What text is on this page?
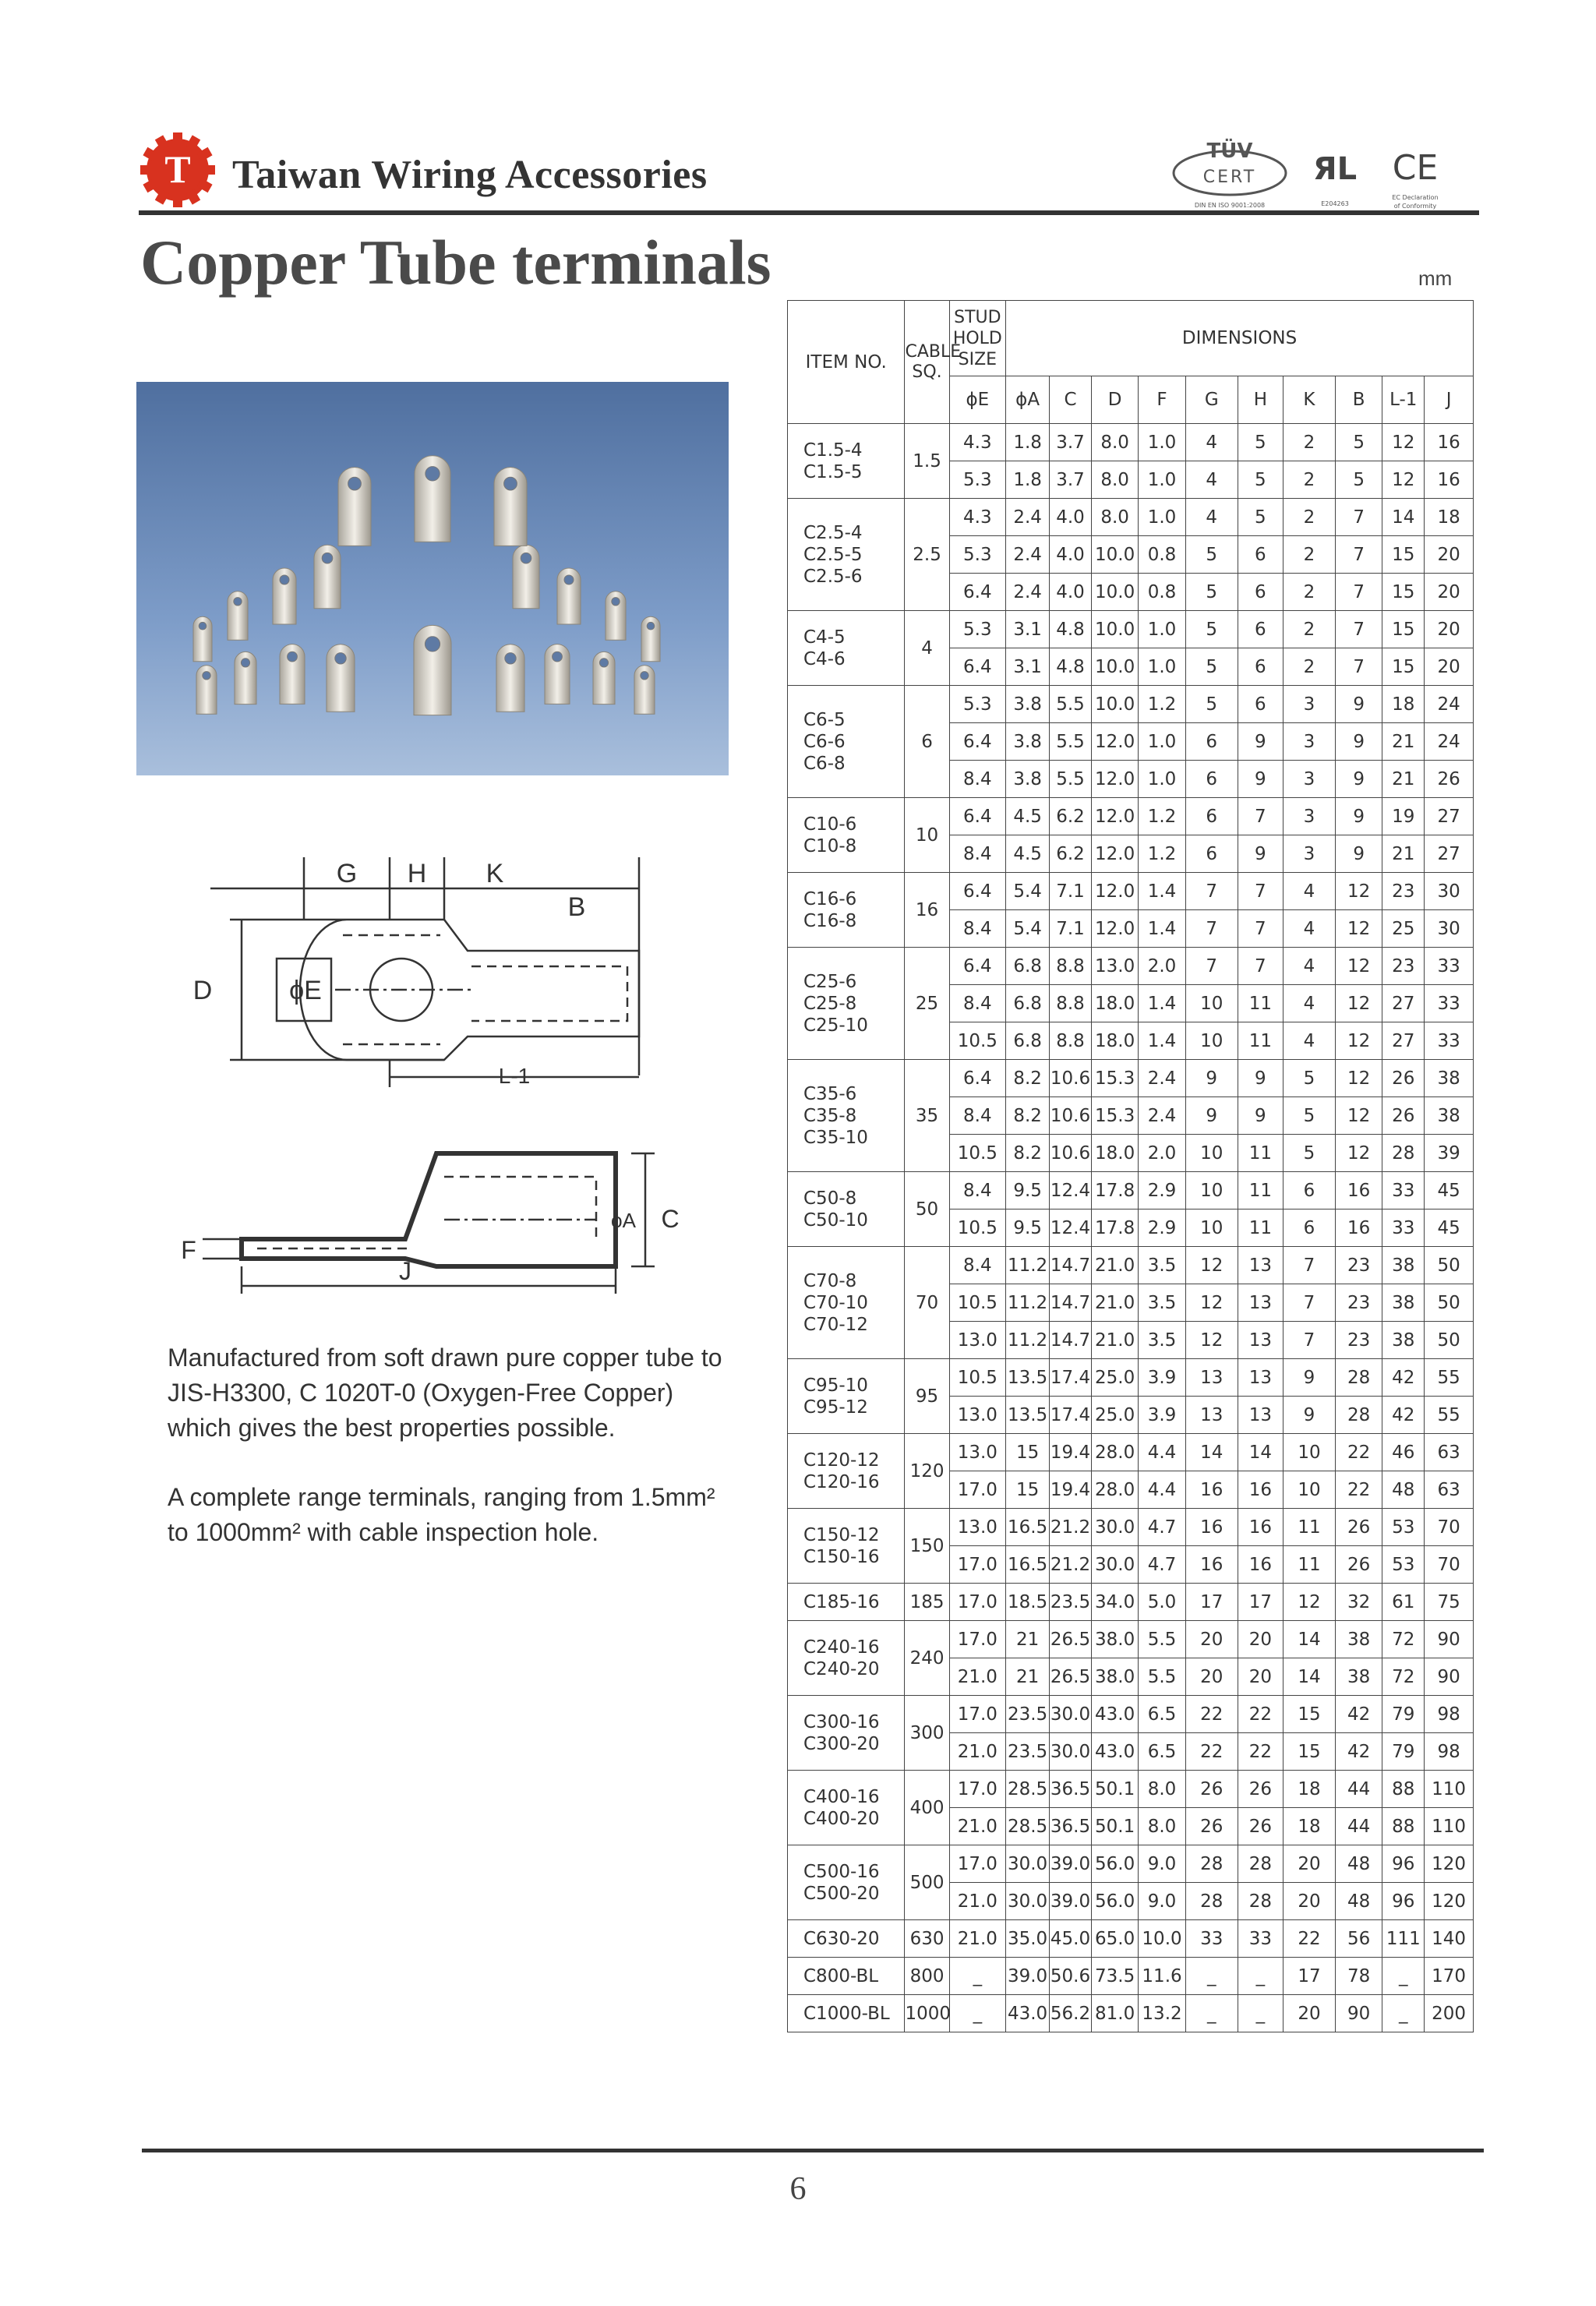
T Taiwan Wiring Accessories
TÜV
CERT
DIN EN ISO 9001:2008
ЯL
E204263
CE
EC Declaration
of Conformity
Copper Tube terminals	mm
G H K
B
D	ϕE
L-1
ϕA C
F
J

Manufactured from soft drawn pure copper tube to JIS-H3300, C 1020T-0 (Oxygen-Free Copper) which gives the best properties possible.

A complete range terminals, ranging from 1.5mm² to 1000mm² with cable inspection hole.

ITEM NO.	CABLE SQ.	STUD HOLD SIZE	DIMENSIONS									
		ϕE	ϕA	C	D	F	G	H	K	B	L-1	J
C1.5-4
C1.5-5	1.5	4.3	1.8	3.7	8.0	1.0	4	5	2	5	12	16
		5.3	1.8	3.7	8.0	1.0	4	5	2	5	12	16
C2.5-4
C2.5-5
C2.5-6	2.5	4.3	2.4	4.0	8.0	1.0	4	5	2	7	14	18
		5.3	2.4	4.0	10.0	0.8	5	6	2	7	15	20
		6.4	2.4	4.0	10.0	0.8	5	6	2	7	15	20
C4-5
C4-6	4	5.3	3.1	4.8	10.0	1.0	5	6	2	7	15	20
		6.4	3.1	4.8	10.0	1.0	5	6	2	7	15	20
C6-5
C6-6
C6-8	6	5.3	3.8	5.5	10.0	1.2	5	6	3	9	18	24
		6.4	3.8	5.5	12.0	1.0	6	9	3	9	21	24
		8.4	3.8	5.5	12.0	1.0	6	9	3	9	21	26
C10-6
C10-8	10	6.4	4.5	6.2	12.0	1.2	6	7	3	9	19	27
		8.4	4.5	6.2	12.0	1.2	6	9	3	9	21	27
C16-6
C16-8	16	6.4	5.4	7.1	12.0	1.4	7	7	4	12	23	30
		8.4	5.4	7.1	12.0	1.4	7	7	4	12	25	30
C25-6
C25-8
C25-10	25	6.4	6.8	8.8	13.0	2.0	7	7	4	12	23	33
		8.4	6.8	8.8	18.0	1.4	10	11	4	12	27	33
		10.5	6.8	8.8	18.0	1.4	10	11	4	12	27	33
C35-6
C35-8
C35-10	35	6.4	8.2	10.6	15.3	2.4	9	9	5	12	26	38
		8.4	8.2	10.6	15.3	2.4	9	9	5	12	26	38
		10.5	8.2	10.6	18.0	2.0	10	11	5	12	28	39
C50-8
C50-10	50	8.4	9.5	12.4	17.8	2.9	10	11	6	16	33	45
		10.5	9.5	12.4	17.8	2.9	10	11	6	16	33	45
C70-8
C70-10
C70-12	70	8.4	11.2	14.7	21.0	3.5	12	13	7	23	38	50
		10.5	11.2	14.7	21.0	3.5	12	13	7	23	38	50
		13.0	11.2	14.7	21.0	3.5	12	13	7	23	38	50
C95-10
C95-12	95	10.5	13.5	17.4	25.0	3.9	13	13	9	28	42	55
		13.0	13.5	17.4	25.0	3.9	13	13	9	28	42	55
C120-12
C120-16	120	13.0	15	19.4	28.0	4.4	14	14	10	22	46	63
		17.0	15	19.4	28.0	4.4	16	16	10	22	48	63
C150-12
C150-16	150	13.0	16.5	21.2	30.0	4.7	16	16	11	26	53	70
		17.0	16.5	21.2	30.0	4.7	16	16	11	26	53	70
C185-16	185	17.0	18.5	23.5	34.0	5.0	17	17	12	32	61	75
C240-16
C240-20	240	17.0	21	26.5	38.0	5.5	20	20	14	38	72	90
		21.0	21	26.5	38.0	5.5	20	20	14	38	72	90
C300-16
C300-20	300	17.0	23.5	30.0	43.0	6.5	22	22	15	42	79	98
		21.0	23.5	30.0	43.0	6.5	22	22	15	42	79	98
C400-16
C400-20	400	17.0	28.5	36.5	50.1	8.0	26	26	18	44	88	110
		21.0	28.5	36.5	50.1	8.0	26	26	18	44	88	110
C500-16
C500-20	500	17.0	30.0	39.0	56.0	9.0	28	28	20	48	96	120
		21.0	30.0	39.0	56.0	9.0	28	28	20	48	96	120
C630-20	630	21.0	35.0	45.0	65.0	10.0	33	33	22	56	111	140
C800-BL	800	_	39.0	50.6	73.5	11.6	_	_	17	78	_	170
C1000-BL	1000	_	43.0	56.2	81.0	13.2	_	_	20	90	_	200
6
